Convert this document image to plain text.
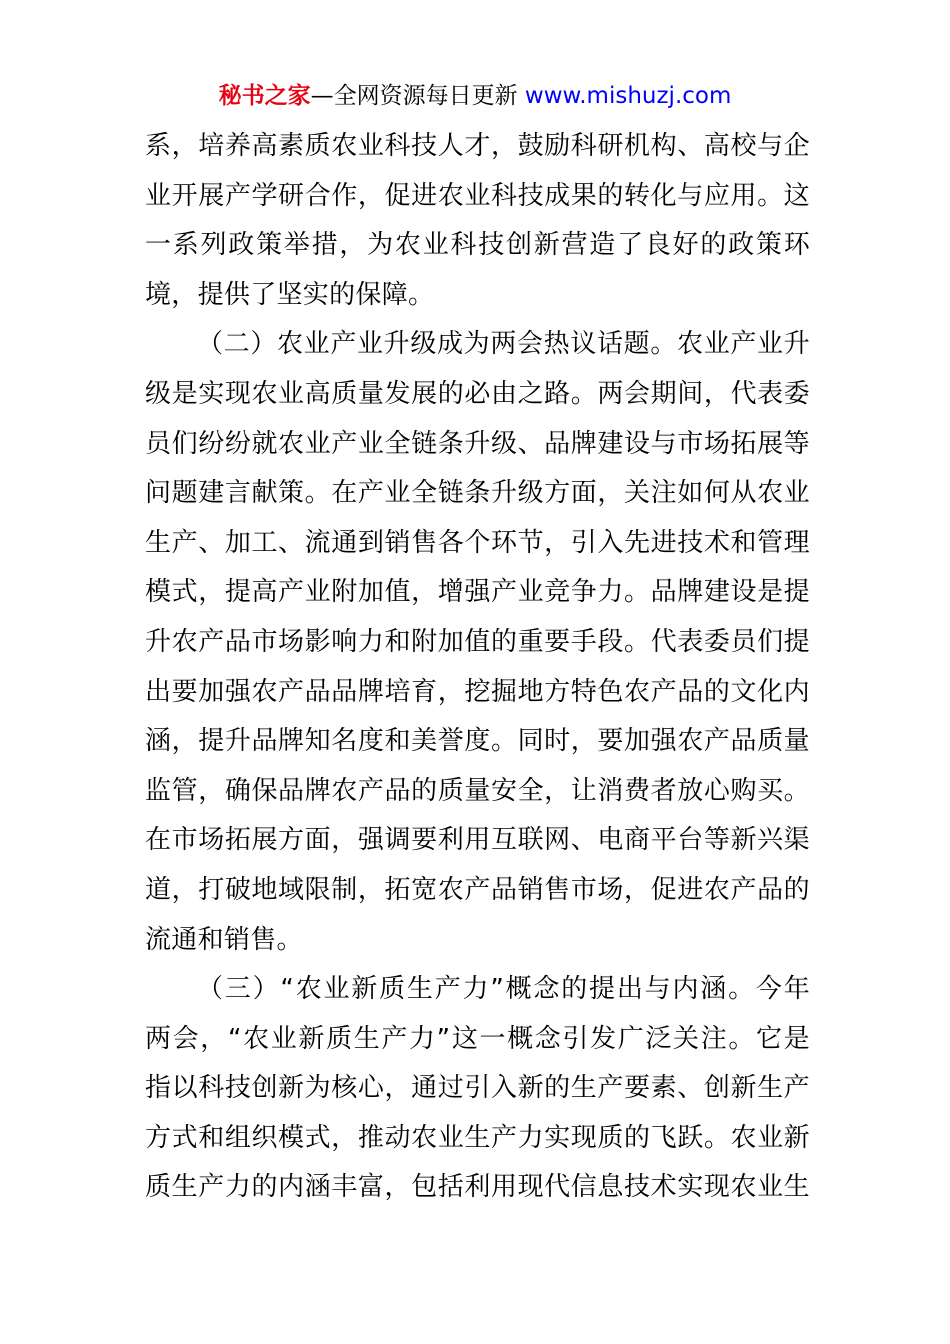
秘书之家—全网资源每日更新 www.mishuzj.com
系，培养高素质农业科技人才，鼓励科研机构、高校与企
业开展产学研合作，促进农业科技成果的转化与应用。这
一系列政策举措，为农业科技创新营造了良好的政策环
境，提供了坚实的保障。
（二）农业产业升级成为两会热议话题。农业产业升
级是实现农业高质量发展的必由之路。两会期间，代表委
员们纷纷就农业产业全链条升级、品牌建设与市场拓展等
问题建言献策。在产业全链条升级方面，关注如何从农业
生产、加工、流通到销售各个环节，引入先进技术和管理
模式，提高产业附加值，增强产业竞争力。品牌建设是提
升农产品市场影响力和附加值的重要手段。代表委员们提
出要加强农产品品牌培育，挖掘地方特色农产品的文化内
涵，提升品牌知名度和美誉度。同时，要加强农产品质量
监管，确保品牌农产品的质量安全，让消费者放心购买。
在市场拓展方面，强调要利用互联网、电商平台等新兴渠
道，打破地域限制，拓宽农产品销售市场，促进农产品的
流通和销售。
（三）“农业新质生产力”概念的提出与内涵。今年
两会，“农业新质生产力”这一概念引发广泛关注。它是
指以科技创新为核心，通过引入新的生产要素、创新生产
方式和组织模式，推动农业生产力实现质的飞跃。农业新
质生产力的内涵丰富，包括利用现代信息技术实现农业生
